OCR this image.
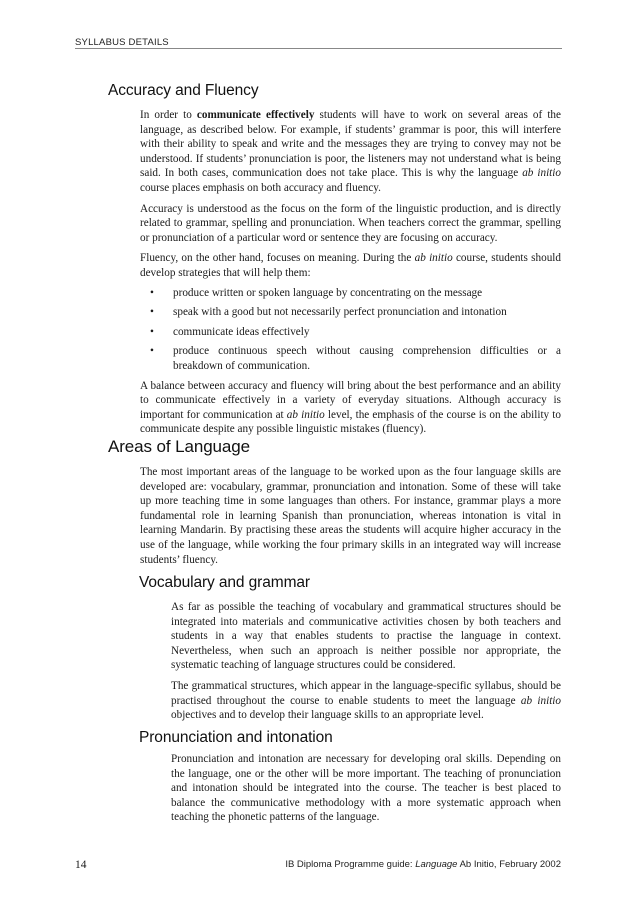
SYLLABUS DETAILS
Accuracy and Fluency

In order to communicate effectively students will have to work on several areas of the language, as described below. For example, if students’ grammar is poor, this will interfere with their ability to speak and write and the messages they are trying to convey may not be understood. If students’ pronunciation is poor, the listeners may not understand what is being said. In both cases, communication does not take place. This is why the language ab initio course places emphasis on both accuracy and fluency.

Accuracy is understood as the focus on the form of the linguistic production, and is directly related to grammar, spelling and pronunciation. When teachers correct the grammar, spelling or pronunciation of a particular word or sentence they are focusing on accuracy.

Fluency, on the other hand, focuses on meaning. During the ab initio course, students should develop strategies that will help them:

• produce written or spoken language by concentrating on the message
• speak with a good but not necessarily perfect pronunciation and intonation
• communicate ideas effectively
• produce continuous speech without causing comprehension difficulties or a breakdown of communication.

A balance between accuracy and fluency will bring about the best performance and an ability to communicate effectively in a variety of everyday situations. Although accuracy is important for communication at ab initio level, the emphasis of the course is on the ability to communicate despite any possible linguistic mistakes (fluency).

Areas of Language

The most important areas of the language to be worked upon as the four language skills are developed are: vocabulary, grammar, pronunciation and intonation. Some of these will take up more teaching time in some languages than others. For instance, grammar plays a more fundamental role in learning Spanish than pronunciation, whereas intonation is vital in learning Mandarin. By practising these areas the students will acquire higher accuracy in the use of the language, while working the four primary skills in an integrated way will increase students’ fluency.

Vocabulary and grammar

As far as possible the teaching of vocabulary and grammatical structures should be integrated into materials and communicative activities chosen by both teachers and students in a way that enables students to practise the language in context. Nevertheless, when such an approach is neither possible nor appropriate, the systematic teaching of language structures could be considered.

The grammatical structures, which appear in the language-specific syllabus, should be practised throughout the course to enable students to meet the language ab initio objectives and to develop their language skills to an appropriate level.

Pronunciation and intonation

Pronunciation and intonation are necessary for developing oral skills. Depending on the language, one or the other will be more important. The teaching of pronunciation and intonation should be integrated into the course. The teacher is best placed to balance the communicative methodology with a more systematic approach when teaching the phonetic patterns of the language.

14	IB Diploma Programme guide: Language Ab Initio, February 2002
